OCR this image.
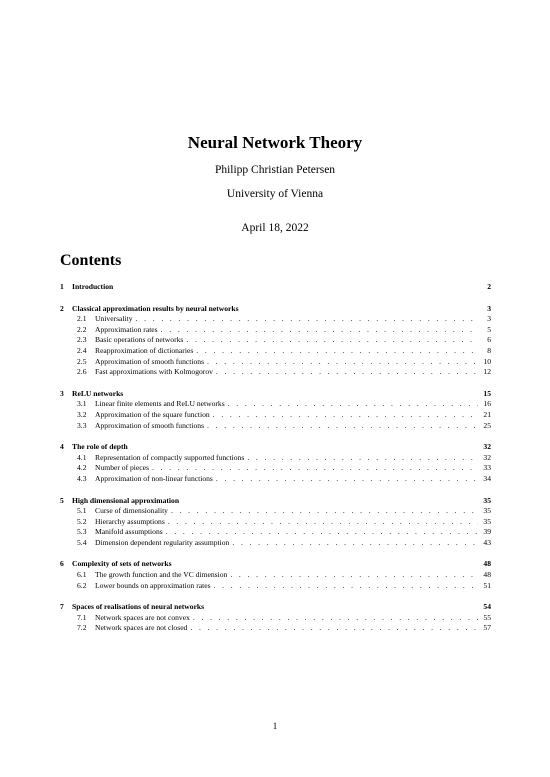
Neural Network Theory
Philipp Christian Petersen
University of Vienna
April 18, 2022
Contents
1	Introduction	2
2	Classical approximation results by neural networks	3
2.1	Universality . . .	3
2.2	Approximation rates . . .	5
2.3	Basic operations of networks . . .	6
2.4	Reapproximation of dictionaries . . .	8
2.5	Approximation of smooth functions . . .	10
2.6	Fast approximations with Kolmogorov . . .	12
3	ReLU networks	15
3.1	Linear finite elements and ReLU networks . . .	16
3.2	Approximation of the square function . . .	21
3.3	Approximation of smooth functions . . .	25
4	The role of depth	32
4.1	Representation of compactly supported functions . . .	32
4.2	Number of pieces . . .	33
4.3	Approximation of non-linear functions . . .	34
5	High dimensional approximation	35
5.1	Curse of dimensionality . . .	35
5.2	Hierarchy assumptions . . .	35
5.3	Manifold assumptions . . .	39
5.4	Dimension dependent regularity assumption . . .	43
6	Complexity of sets of networks	48
6.1	The growth function and the VC dimension . . .	48
6.2	Lower bounds on approximation rates . . .	51
7	Spaces of realisations of neural networks	54
7.1	Network spaces are not convex . . .	55
7.2	Network spaces are not closed . . .	57
1
